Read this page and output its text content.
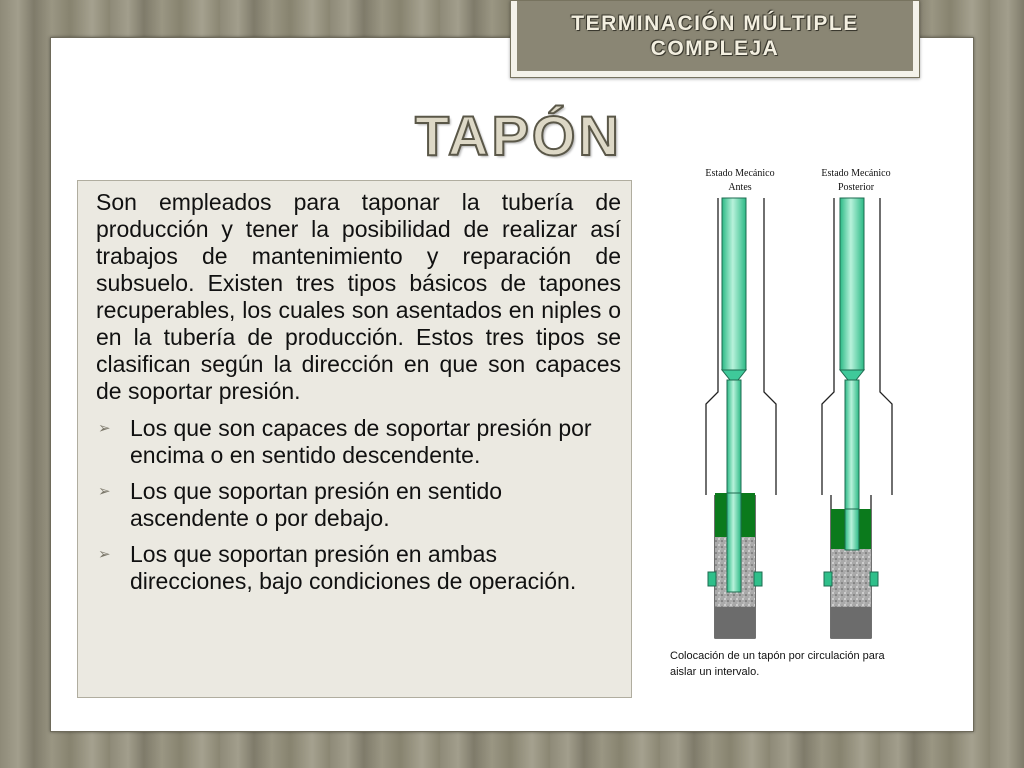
TERMINACIÓN MÚLTIPLE
COMPLEJA
TAPÓN

Son empleados para taponar la tubería de producción y tener la posibilidad de realizar así trabajos de mantenimiento y reparación de subsuelo. Existen tres tipos básicos de tapones recuperables, los cuales son asentados en niples o en la tubería de producción. Estos tres tipos se clasifican según la dirección en que son capaces de soportar presión.

➢ Los que son capaces de soportar presión por encima o en sentido descendente.
➢ Los que soportan presión en sentido ascendente o por debajo.
➢ Los que soportan presión en ambas direcciones, bajo condiciones de operación.
Estado Mecánico
Antes
Estado Mecánico
Posterior
Colocación de un tapón por circulación para
aislar un intervalo.
